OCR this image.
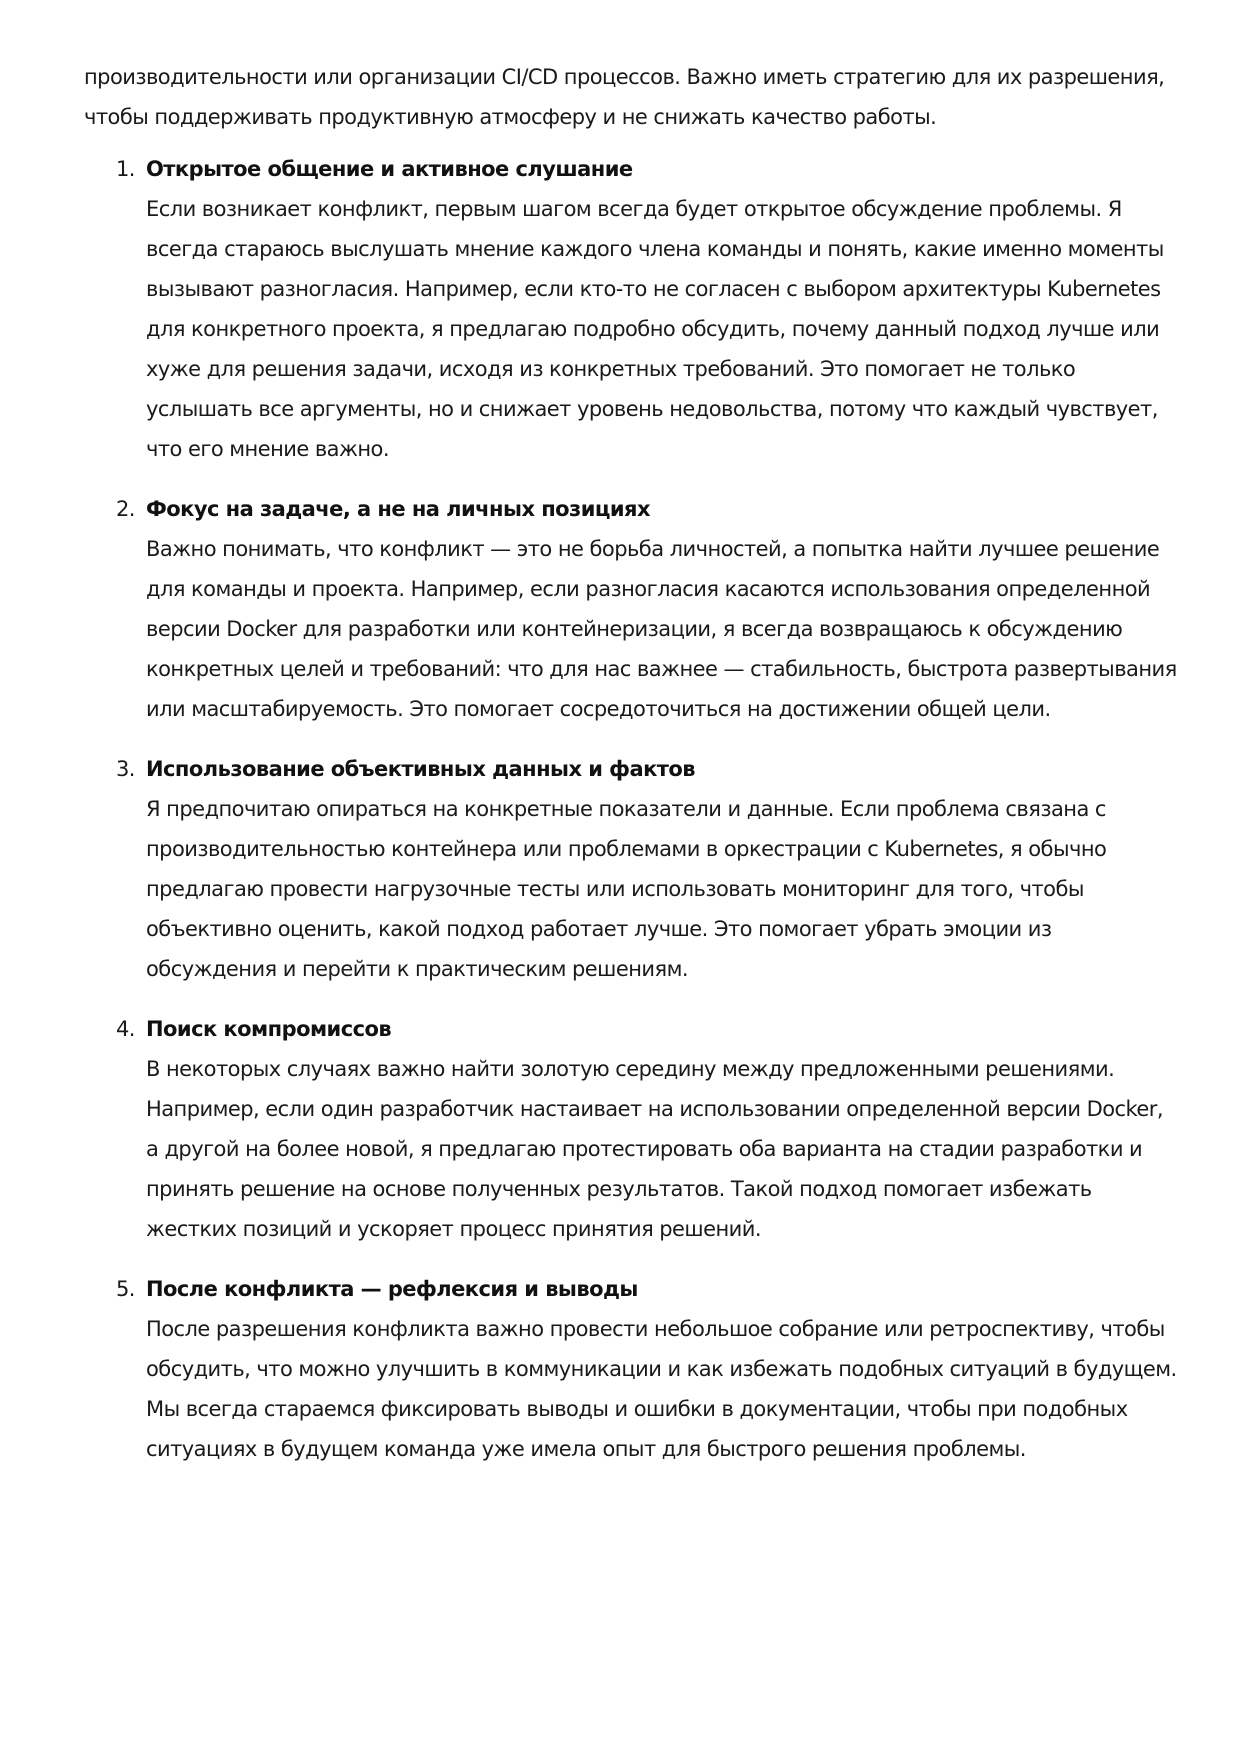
производительности или организации CI/CD процессов. Важно иметь стратегию для их разрешения, чтобы поддерживать продуктивную атмосферу и не снижать качество работы.

1. Открытое общение и активное слушание

Если возникает конфликт, первым шагом всегда будет открытое обсуждение проблемы. Я всегда стараюсь выслушать мнение каждого члена команды и понять, какие именно моменты вызывают разногласия. Например, если кто-то не согласен с выбором архитектуры Kubernetes для конкретного проекта, я предлагаю подробно обсудить, почему данный подход лучше или хуже для решения задачи, исходя из конкретных требований. Это помогает не только услышать все аргументы, но и снижает уровень недовольства, потому что каждый чувствует, что его мнение важно.

2. Фокус на задаче, а не на личных позициях

Важно понимать, что конфликт — это не борьба личностей, а попытка найти лучшее решение для команды и проекта. Например, если разногласия касаются использования определенной версии Docker для разработки или контейнеризации, я всегда возвращаюсь к обсуждению конкретных целей и требований: что для нас важнее — стабильность, быстрота развертывания или масштабируемость. Это помогает сосредоточиться на достижении общей цели.

3. Использование объективных данных и фактов

Я предпочитаю опираться на конкретные показатели и данные. Если проблема связана с производительностью контейнера или проблемами в оркестрации с Kubernetes, я обычно предлагаю провести нагрузочные тесты или использовать мониторинг для того, чтобы объективно оценить, какой подход работает лучше. Это помогает убрать эмоции из обсуждения и перейти к практическим решениям.

4. Поиск компромиссов

В некоторых случаях важно найти золотую середину между предложенными решениями. Например, если один разработчик настаивает на использовании определенной версии Docker, а другой на более новой, я предлагаю протестировать оба варианта на стадии разработки и принять решение на основе полученных результатов. Такой подход помогает избежать жестких позиций и ускоряет процесс принятия решений.

5. После конфликта — рефлексия и выводы

После разрешения конфликта важно провести небольшое собрание или ретроспективу, чтобы обсудить, что можно улучшить в коммуникации и как избежать подобных ситуаций в будущем. Мы всегда стараемся фиксировать выводы и ошибки в документации, чтобы при подобных ситуациях в будущем команда уже имела опыт для быстрого решения проблемы.
